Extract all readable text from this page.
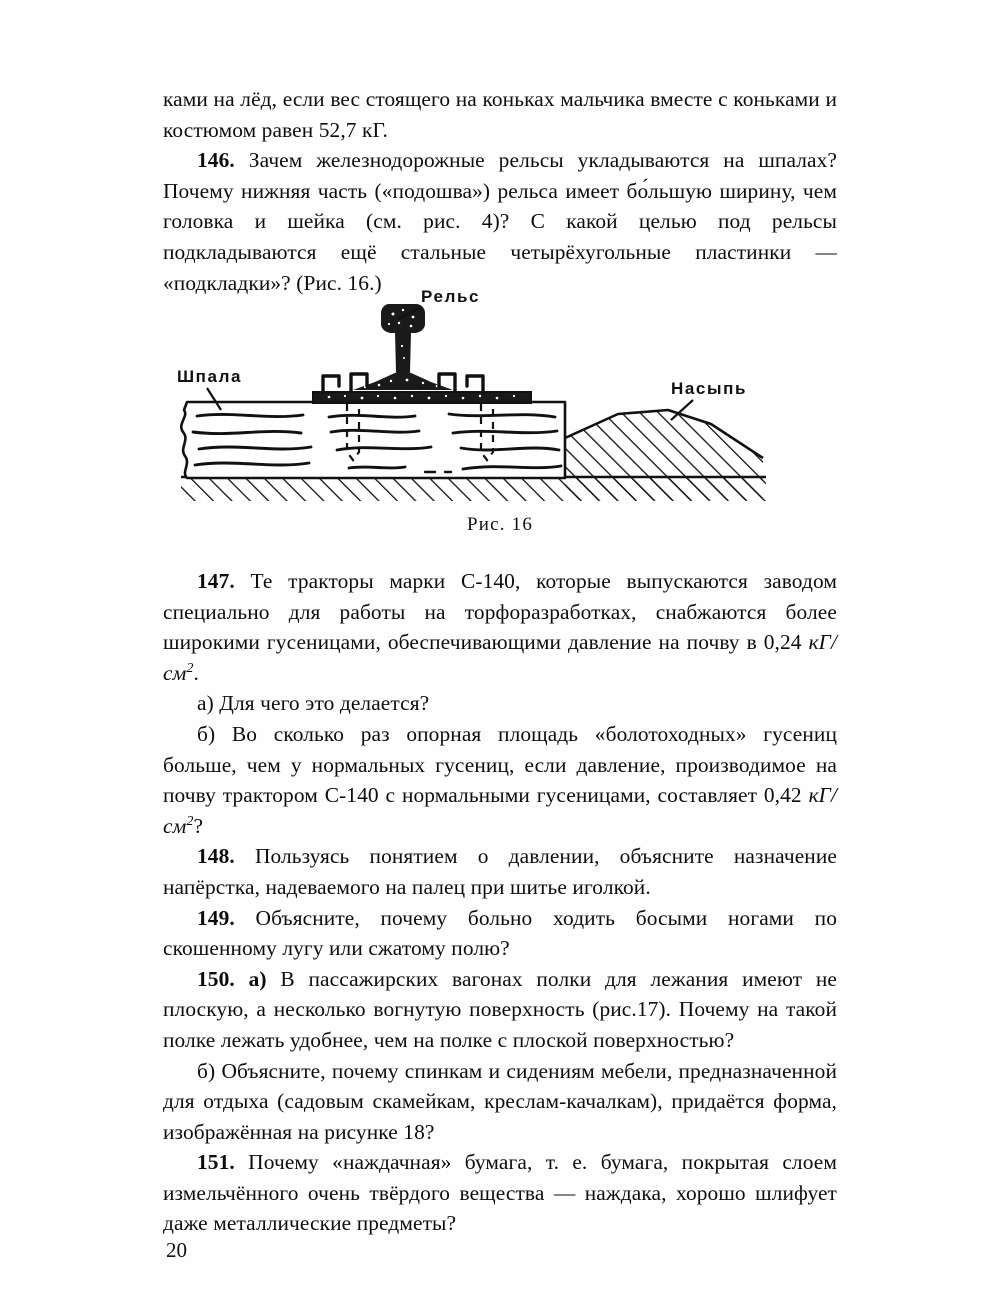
ками на лёд, если вес стоящего на коньках мальчика вместе с коньками и костюмом равен 52,7 кГ.

146. Зачем железнодорожные рельсы укладываются на шпалах? Почему нижняя часть («подошва») рельса имеет бо́льшую ширину, чем головка и шейка (см. рис. 4)? С какой целью под рельсы подкладываются ещё стальные четырёхугольные пластинки — «подкладки»? (Рис. 16.)

Рельс
Шпала
Насыпь
Рис. 16

147. Те тракторы марки С-140, которые выпускаются заводом специально для работы на торфоразработках, снабжаются более широкими гусеницами, обеспечивающими давление на почву в 0,24 $кГ/см^2$.

а) Для чего это делается?

б) Во сколько раз опорная площадь «болотоходных» гусениц больше, чем у нормальных гусениц, если давление, производимое на почву трактором С-140 с нормальными гусеницами, составляет 0,42 $кГ/см^2$?

148. Пользуясь понятием о давлении, объясните назначение напёрстка, надеваемого на палец при шитье иголкой.

149. Объясните, почему больно ходить босыми ногами по скошенному лугу или сжатому полю?

150. а) В пассажирских вагонах полки для лежания имеют не плоскую, а несколько вогнутую поверхность (рис.17). Почему на такой полке лежать удобнее, чем на полке с плоской поверхностью?

б) Объясните, почему спинкам и сидениям мебели, предназначенной для отдыха (садовым скамейкам, креслам-качалкам), придаётся форма, изображённая на рисунке 18?

151. Почему «наждачная» бумага, т. е. бумага, покрытая слоем измельчённого очень твёрдого вещества — наждака, хорошо шлифует даже металлические предметы?

20
